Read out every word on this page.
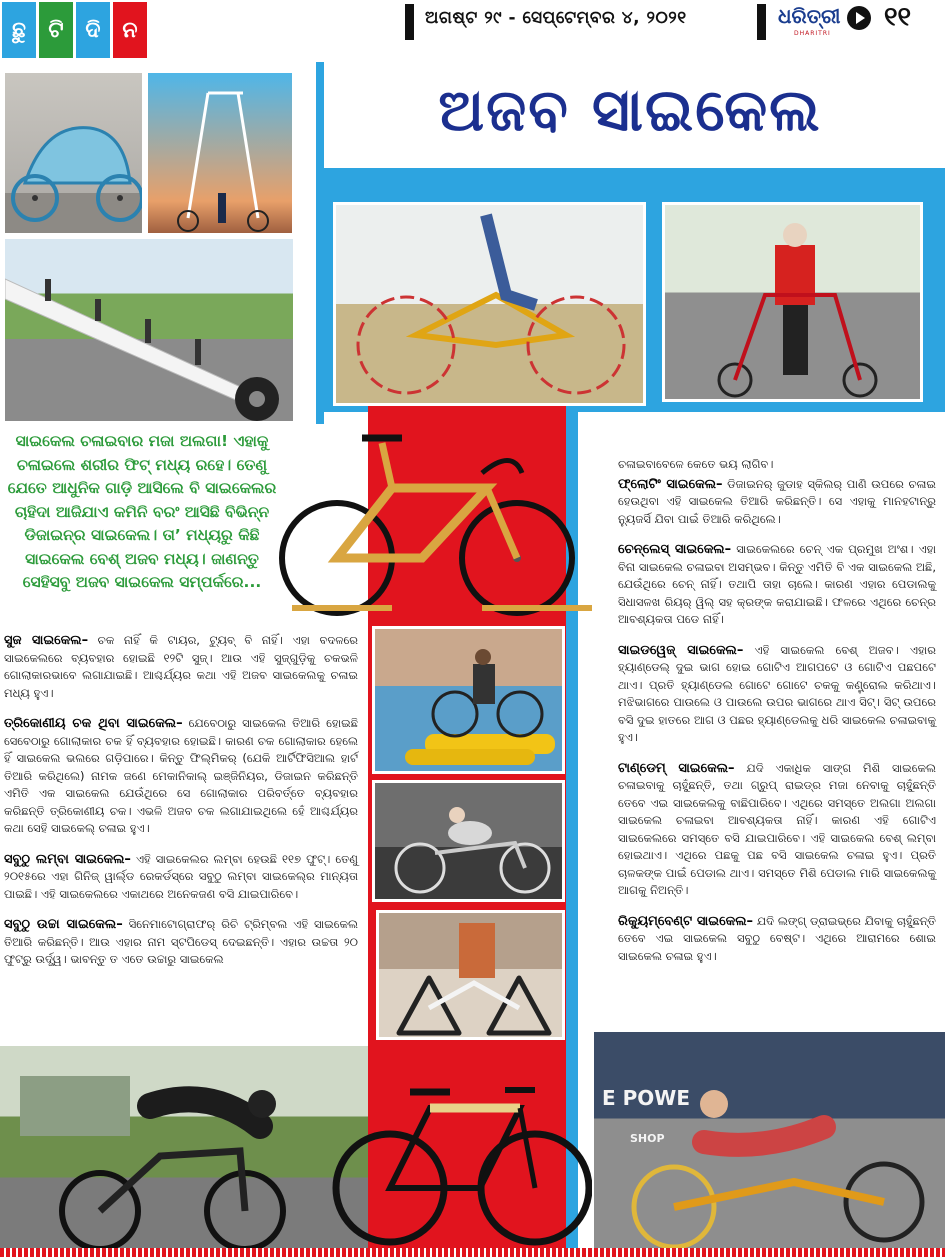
ଛୁ	ଟି ଦି ନ	ଅଗଷ୍ଟ ୨୯ - ସେପ୍ଟେମ୍ବର ୪, ୨୦୨୧	ଧରିତ୍ରୀ
DHARITRI
୧୧
ଅଜବ ସାଇକେଲ
ସାଇକେଲ ଚଳାଇବାର ମଜା ଅଲଗା! ଏହାକୁ ଚଳାଇଲେ ଶରୀର ଫିଟ୍ ମଧ୍ୟ ରହେ। ତେଣୁ ଯେତେ ଆଧୁନିକ ଗାଡ଼ି ଆସିଲେ ବି ସାଇକେଲର ଚାହିଦା ଆଜିଯାଏ କମିନି ବରଂ ଆସିଛି ବିଭିନ୍ନ ଡିଜାଇନ୍‌ର ସାଇକେଲ। ତା’ ମଧ୍ୟରୁ କିଛି ସାଇକେଲ ବେଶ୍ ଅଜବ ମଧ୍ୟ। ଜାଣନ୍ତୁ ସେହିସବୁ ଅଜବ ସାଇକେଲ ସମ୍ପର୍କରେ...

ସୁଜ ସାଇକେଲ– ଚକ ନାହିଁ କି ଟାୟର, ଟ୍ୟୁବ୍ ବି ନାହିଁ। ଏହା ବଦଳରେ ସାଇକେଲରେ ବ୍ୟବହାର ହୋଇଛି ୧୨ଟି ସୁଜ୍। ଆଉ ଏହି ସୁଜ୍‌ଗୁଡ଼ିକୁ ଚକଭଳି ଗୋଲାକାରଭାବେ ଲଗାଯାଇଛି। ଆଶ୍ଚର୍ଯ୍ୟର କଥା ଏହି ଅଜବ ସାଇକେଲକୁ ଚଳାଇ ମଧ୍ୟ ହୁଏ।

ତ୍ରିକୋଣୀୟ ଚକ ଥିବା ସାଇକେଲ– ଯେବେଠାରୁ ସାଇକେଲ ତିଆରି ହୋଇଛି ସେବେଠାରୁ ଗୋଲାକାର ଚକ ହିଁ ବ୍ୟବହାର ହୋଇଛି। କାରଣ ଚକ ଗୋଲାକାର ହେଲେ ହିଁ ସାଇକେଲ ଭଲରେ ଗଡ଼ିପାରେ। କିନ୍ତୁ ଫିଲ୍ମିକର୍ (ଯେକି ଆର୍ଟିଫିସିଆଲ ହାର୍ଟ ତିଆରି କରିଥିଲେ) ନାମକ ଜଣେ ମେକାନିକାଲ୍ ଇଞ୍ଜିନିୟର, ଡିଜାଇନ କରିଛନ୍ତି ଏମିତି ଏକ ସାଇକେଲ ଯେଉଁଥିରେ ସେ ଗୋଲାକାର ପରିବର୍ତ୍ତେ ବ୍ୟବହାର କରିଛନ୍ତି ତ୍ରିକୋଣୀୟ ଚକ। ଏଭଳି ଅଜବ ଚକ ଲଗାଯାଇଥିଲେ ହେଁ ଆଶ୍ଚର୍ଯ୍ୟର କଥା ସେହି ସାଇକେଲ୍ ଚଳାଇ ହୁଏ।

ସବୁଠୁ ଲମ୍ବା ସାଇକେଲ– ଏହି ସାଇକେଲର ଲମ୍ବା ହେଉଛି ୧୧୭ ଫୁଟ୍। ତେଣୁ ୨୦୧୫ରେ ଏହା ଗିନିଜ୍ ୱାର୍ଲ୍ଡ ରେକର୍ଡସ୍‌ରେ ସବୁଠୁ ଲମ୍ବା ସାଇକେଲ୍‌ର ମାନ୍ୟତା ପାଇଛି। ଏହି ସାଇକେଲରେ ଏକାଥରେ ଅନେକଜଣ ବସି ଯାଇପାରିବେ।

ସବୁଠୁ ଉଚ୍ଚା ସାଇକେଲ– ସିନେମାଟୋଗ୍ରାଫର୍ ରିଚି ଟ୍ରିମ୍ବଲ ଏହି ସାଇକେଲ ତିଆରି କରିଛନ୍ତି। ଆଉ ଏହାର ନାମ ସ୍ଟପିଡେସ୍ ଦେଇଛନ୍ତି। ଏହାର ଉଚ୍ଚତା ୨୦ ଫୁଟ୍‌ରୁ ଉର୍ଦ୍ଧ୍ୱ। ଭାବନ୍ତୁ ତ ଏତେ ଉଚ୍ଚାରୁ ସାଇକେଲ

ଚଳାଇବାବେଳେ କେତେ ଭୟ ଲାଗିବ।

ଫ୍ଲୋଟିଂ ସାଇକେଲ– ଡିଜାଇନର୍ ଜୁଡାହ ସ୍କିଲର୍ ପାଣି ଉପରେ ଚଳାଇ ହେଉଥିବା ଏହି ସାଇକେଲ ତିଆରି କରିଛନ୍ତି। ସେ ଏହାକୁ ମାନହଟାନ୍‌ରୁ ନ୍ୟୁଜର୍ସି ଯିବା ପାଇଁ ତିଆରି କରିଥିଲେ।

ଚେନ୍‌ଲେସ୍ ସାଇକେଲ– ସାଇକେଲରେ ଚେନ୍ ଏକ ପ୍ରମୁଖ ଅଂଶ। ଏହା ବିନା ସାଇକେଲ ଚଳାଇବା ଅସମ୍ଭବ। କିନ୍ତୁ ଏମିତି ବି ଏକ ସାଇକେଲ ଅଛି, ଯେଉଁଥିରେ ଚେନ୍ ନାହିଁ। ତଥାପି ତାହା ଚାଲେ। କାରଣ ଏହାର ପେଡାଲକୁ ସିଧାସଳଖ ରିୟର୍ ୱିଲ୍ ସହ କ୍ରଙ୍କ କରାଯାଇଛି। ଫଳରେ ଏଥିରେ ଚେନ୍‌ର ଆବଶ୍ୟକତା ପଡେ ନାହିଁ।

ସାଇଡୱେଜ୍ ସାଇକେଲ– ଏହି ସାଇକେଲ ବେଶ୍ ଅଜବ। ଏହାର ହ୍ୟାଣ୍ଡେଲ୍ ଦୁଇ ଭାଗ ହୋଇ ଗୋଟିଏ ଆଗପଟେ ଓ ଗୋଟିଏ ପଛପଟେ ଥାଏ। ପ୍ରତି ହ୍ୟାଣ୍ଡେଲ ଗୋଟେ ଗୋଟେ ଚକକୁ କଣ୍ଟ୍ରୋଲ କରିଥାଏ। ମଝିଭାଗରେ ପାଉଲେ ଓ ପାଉଲେ ଉପର ଭାଗରେ ଥାଏ ସିଟ୍। ସିଟ୍ ଉପରେ ବସି ଦୁଇ ହାତରେ ଆଗ ଓ ପଛର ହ୍ୟାଣ୍ଡେଲକୁ ଧରି ସାଇକେଲ ଚଳାଇବାକୁ ହୁଏ।

ଟାଣ୍ଡେମ୍ ସାଇକେଲ– ଯଦି ଏକାଧିକ ସାଙ୍ଗ ମିଶି ସାଇକେଲ ଚଳାଇବାକୁ ଚାହୁଁଛନ୍ତି, ତଥା ଗ୍ରୁପ୍ ରାଇଡ୍‌ର ମଜା ନେବାକୁ ଚାହୁଁଛନ୍ତି ତେବେ ଏଇ ସାଇକେଲକୁ ବାଛିପାରିବେ। ଏଥିରେ ସମସ୍ତେ ଅଲଗା ଅଲଗା ସାଇକେଲ ଚଳାଇବା ଆବଶ୍ୟକତା ନାହିଁ। କାରଣ ଏହି ଗୋଟିଏ ସାଇକେଲରେ ସମସ୍ତେ ବସି ଯାଇପାରିବେ। ଏହି ସାଇକେଲ ବେଶ୍ ଲମ୍ବା ହୋଇଥାଏ। ଏଥିରେ ପଛକୁ ପଛ ବସି ସାଇକେଲ ଚଳାଇ ହୁଏ। ପ୍ରତି ଚାଳକଙ୍କ ପାଇଁ ପେଡାଲ ଥାଏ। ସମସ୍ତେ ମିଶି ପେଡାଲ ମାରି ସାଇକେଲକୁ ଆଗକୁ ନିଅନ୍ତି।

ରିକ୍ୟୁମ୍‌ବେଣ୍ଟ ସାଇକେଲ– ଯଦି ଲଙ୍ଗ୍ ଡ୍ରାଇଭ୍‌ରେ ଯିବାକୁ ଚାହୁଁଛନ୍ତି ତେବେ ଏଇ ସାଇକେଲ ସବୁଠୁ ବେଷ୍ଟ। ଏଥିରେ ଆରାମରେ ଶୋଇ ସାଇକେଲ ଚଳାଇ ହୁଏ।

E POWE
SHOP
